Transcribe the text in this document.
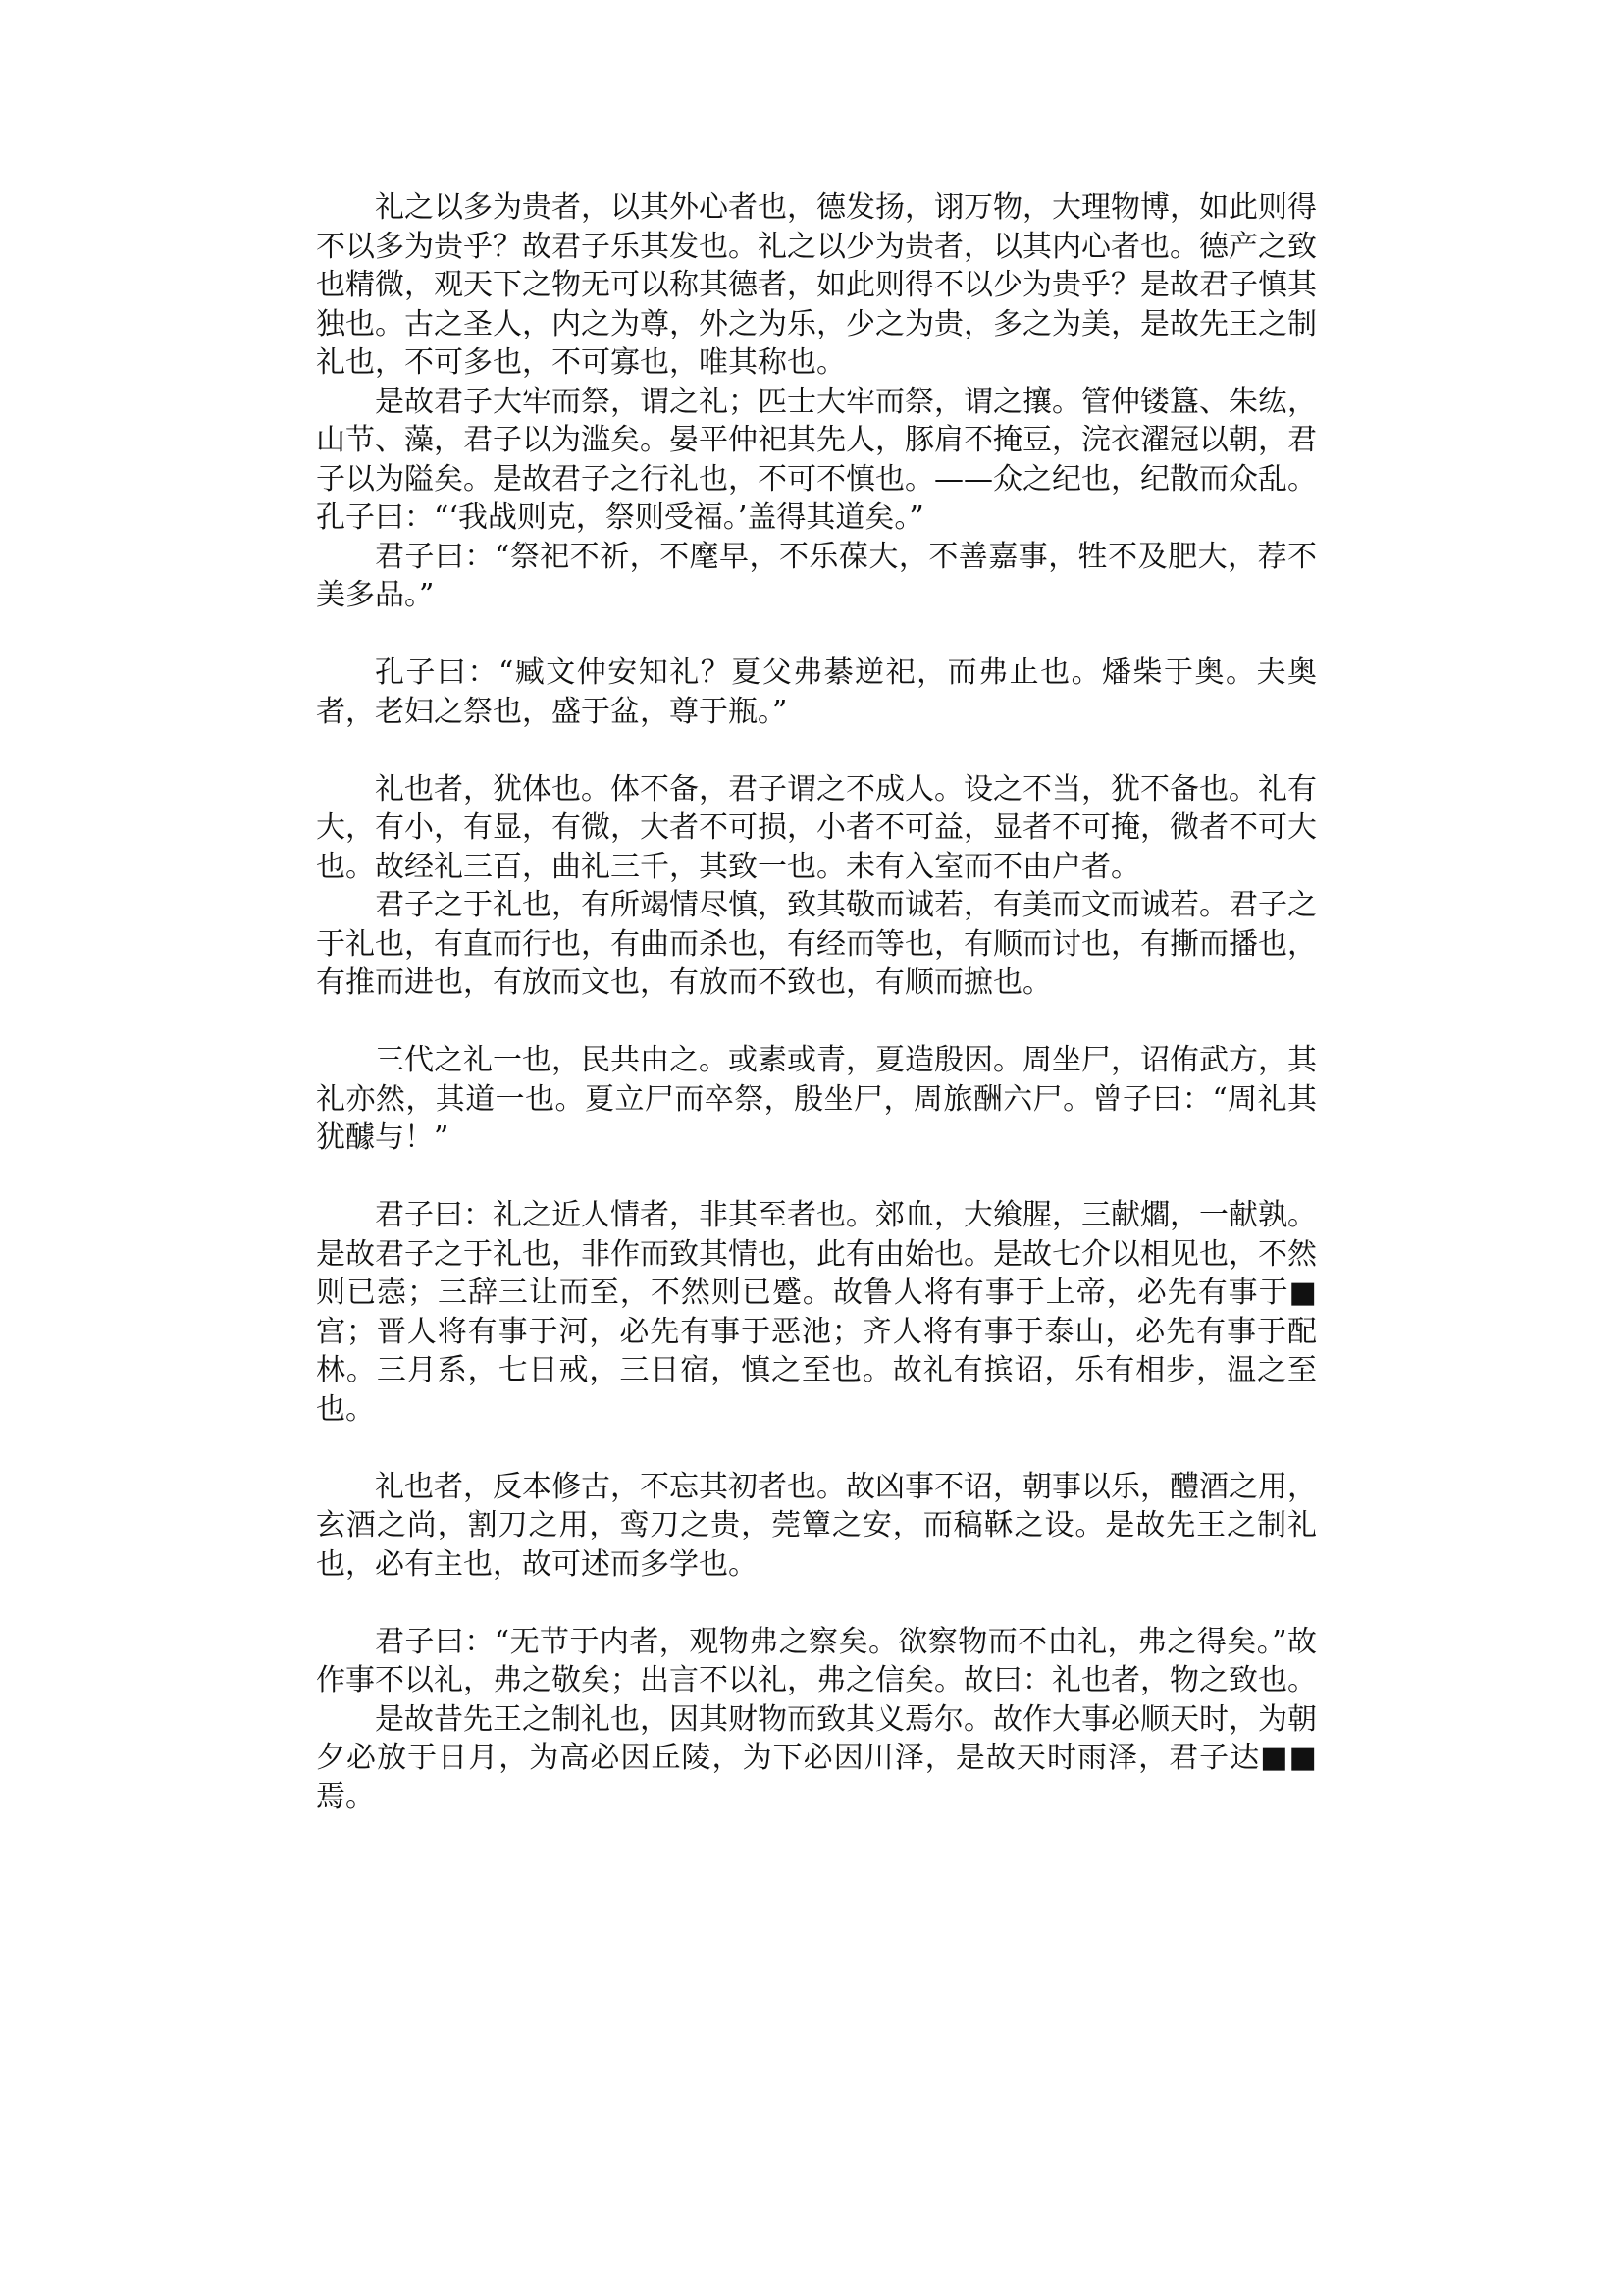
礼之以多为贵者，以其外心者也，德发扬，诩万物，大理物博，如此则得不以多为贵乎？故君子乐其发也。礼之以少为贵者，以其内心者也。德产之致也精微，观天下之物无可以称其德者，如此则得不以少为贵乎？是故君子慎其独也。古之圣人，内之为尊，外之为乐，少之为贵，多之为美，是故先王之制礼也，不可多也，不可寡也，唯其称也。

是故君子大牢而祭，谓之礼；匹士大牢而祭，谓之攘。管仲镂簋、朱纮，山节、藻，君子以为滥矣。晏平仲祀其先人，豚肩不掩豆，浣衣濯冠以朝，君子以为隘矣。是故君子之行礼也，不可不慎也。——众之纪也，纪散而众乱。孔子曰：“‘我战则克，祭则受福。’盖得其道矣。”

君子曰：“祭祀不祈，不麾早，不乐葆大，不善嘉事，牲不及肥大，荐不美多品。”

孔子曰：“臧文仲安知礼？夏父弗綦逆祀，而弗止也。燔柴于奥。夫奥者，老妇之祭也，盛于盆，尊于瓶。”

礼也者，犹体也。体不备，君子谓之不成人。设之不当，犹不备也。礼有大，有小，有显，有微，大者不可损，小者不可益，显者不可掩，微者不可大也。故经礼三百，曲礼三千，其致一也。未有入室而不由户者。

君子之于礼也，有所竭情尽慎，致其敬而诚若，有美而文而诚若。君子之于礼也，有直而行也，有曲而杀也，有经而等也，有顺而讨也，有摲而播也，有推而进也，有放而文也，有放而不致也，有顺而摭也。

三代之礼一也，民共由之。或素或青，夏造殷因。周坐尸，诏侑武方，其礼亦然，其道一也。夏立尸而卒祭，殷坐尸，周旅酬六尸。曾子曰：“周礼其犹醵与！”

君子曰：礼之近人情者，非其至者也。郊血，大飨腥，三献爓，一献孰。是故君子之于礼也，非作而致其情也，此有由始也。是故七介以相见也，不然则已悫；三辞三让而至，不然则已蹙。故鲁人将有事于上帝，必先有事于■宫；晋人将有事于河，必先有事于恶池；齐人将有事于泰山，必先有事于配林。三月系，七日戒，三日宿，慎之至也。故礼有摈诏，乐有相步，温之至也。

礼也者，反本修古，不忘其初者也。故凶事不诏，朝事以乐，醴酒之用，玄酒之尚，割刀之用，鸾刀之贵，莞簟之安，而稿鞂之设。是故先王之制礼也，必有主也，故可述而多学也。

君子曰：“无节于内者，观物弗之察矣。欲察物而不由礼，弗之得矣。”故作事不以礼，弗之敬矣；出言不以礼，弗之信矣。故曰：礼也者，物之致也。

是故昔先王之制礼也，因其财物而致其义焉尔。故作大事必顺天时，为朝夕必放于日月，为高必因丘陵，为下必因川泽，是故天时雨泽，君子达■■焉。
